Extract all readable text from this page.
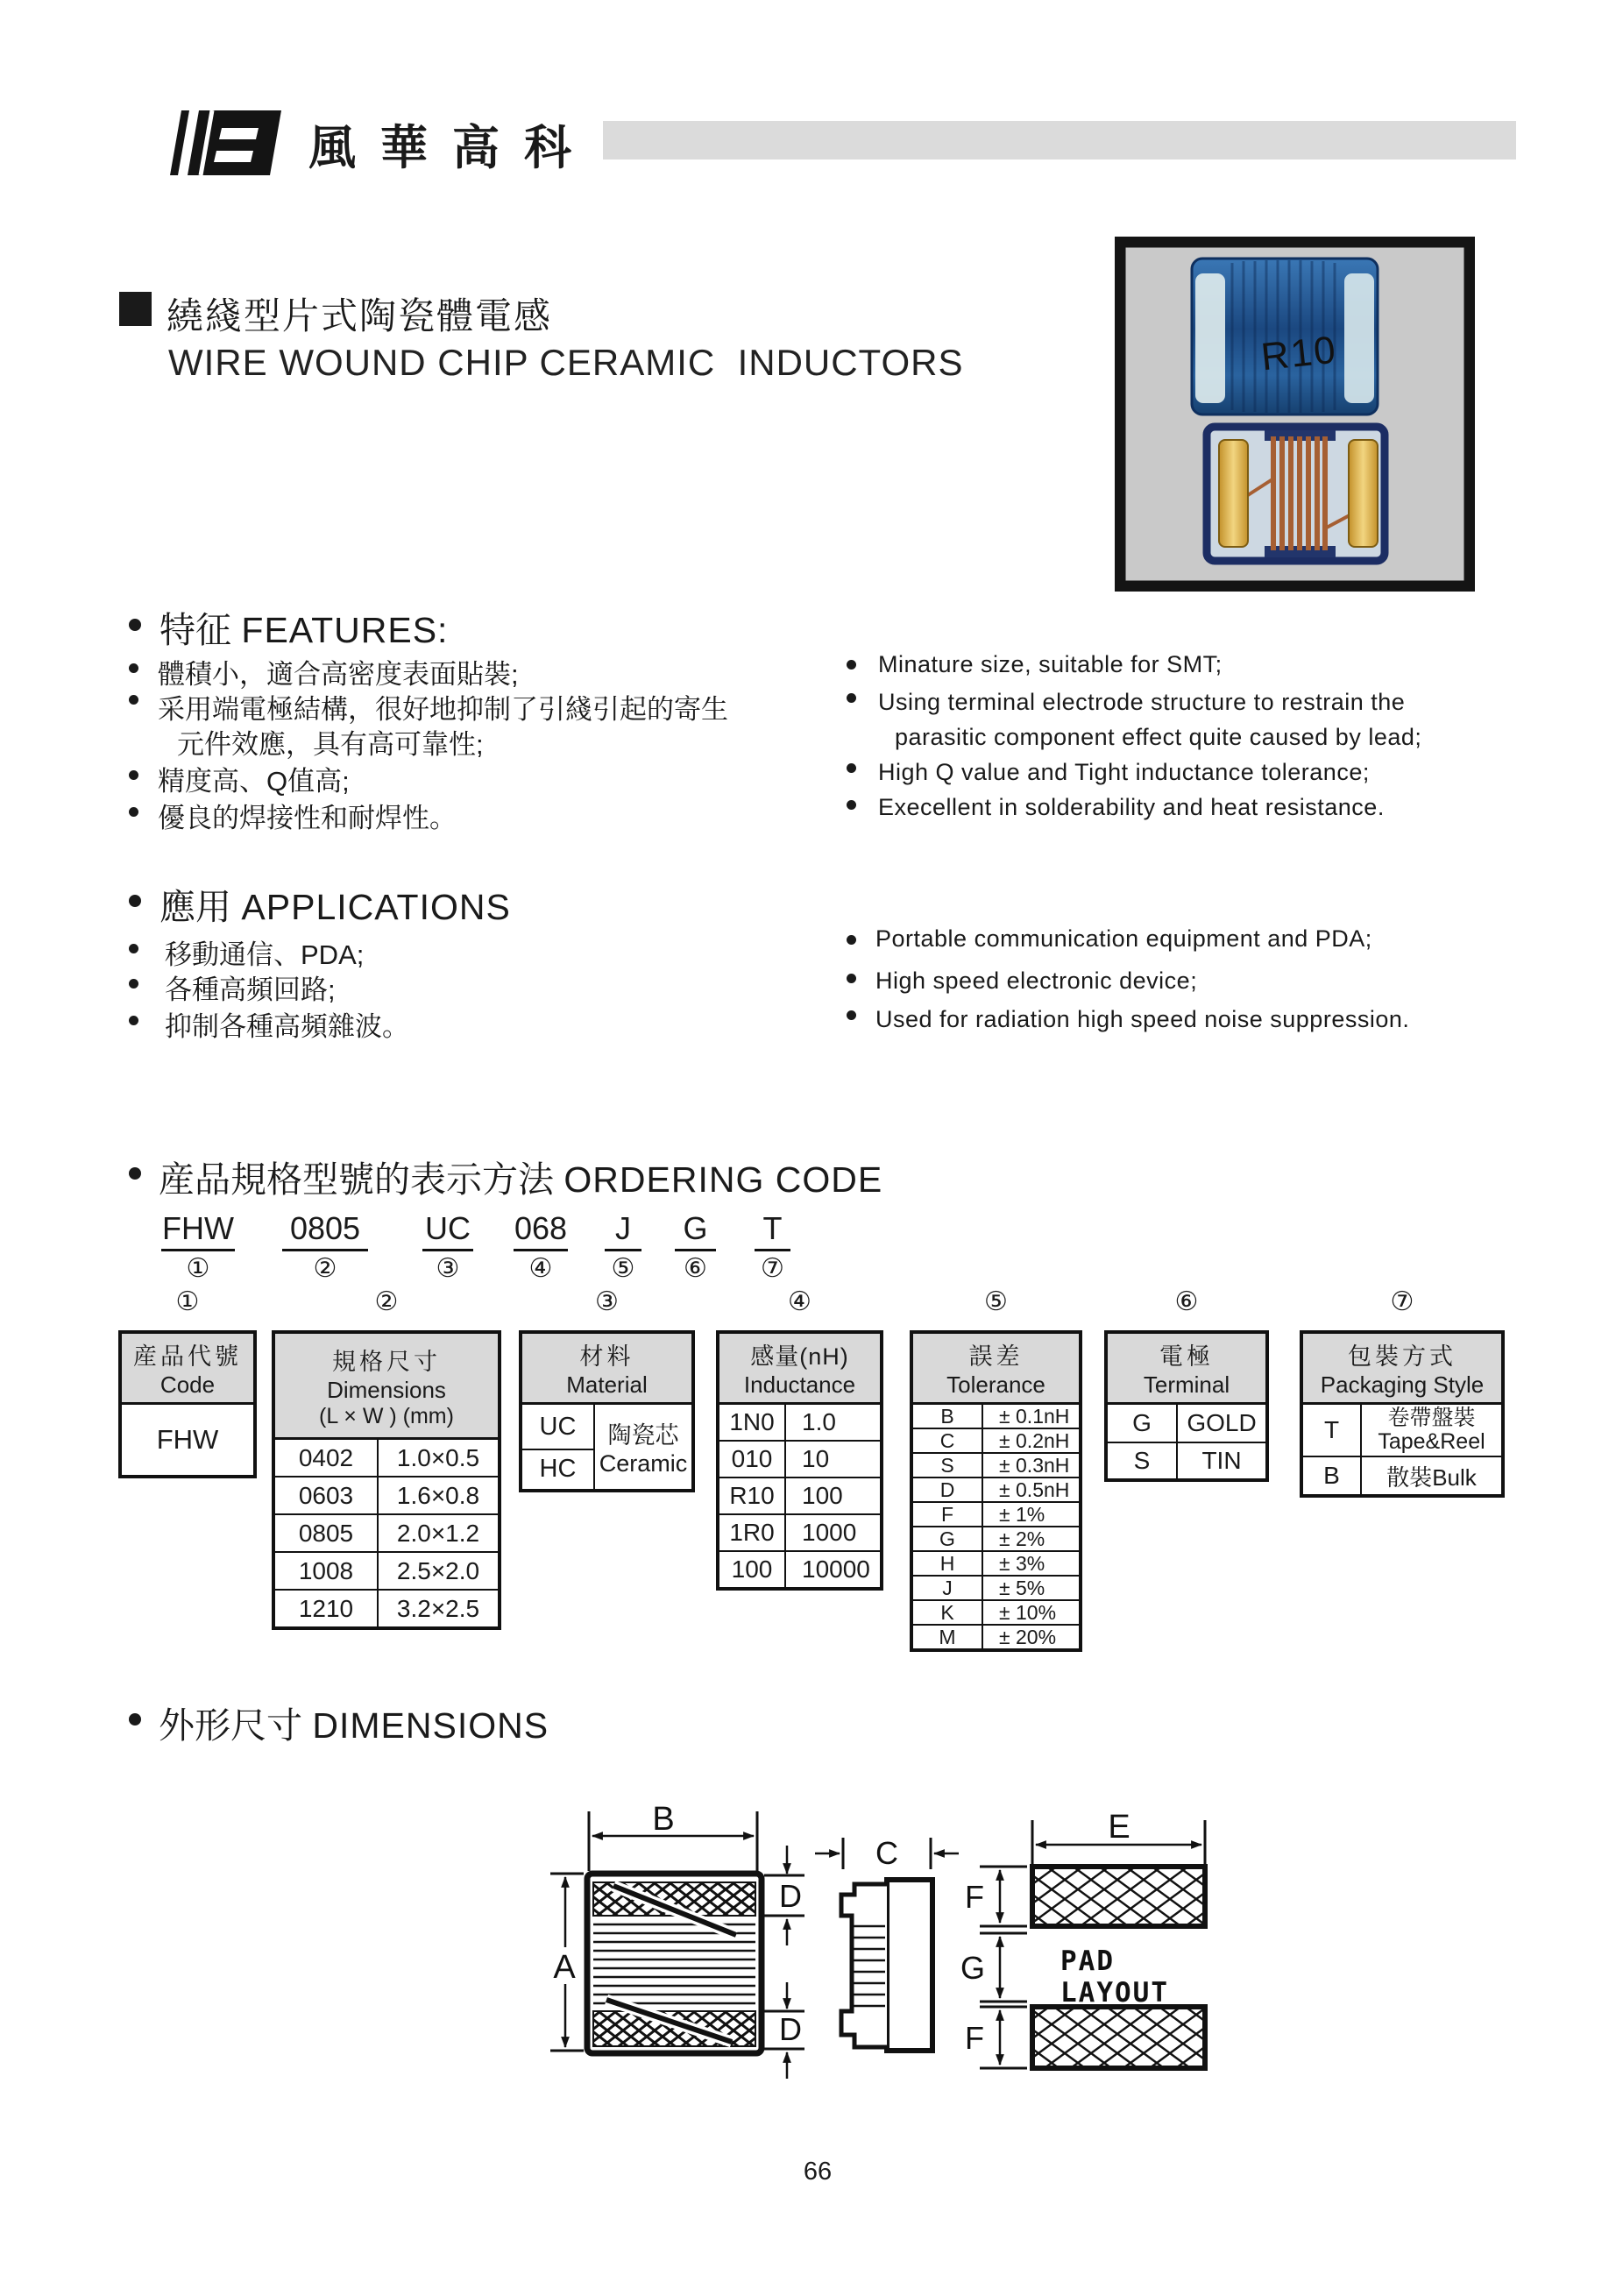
風華高科
繞綫型片式陶瓷體電感
WIRE WOUND CHIP CERAMIC  INDUCTORS	R10
特征 FEATURES:
體積小，適合高密度表面貼裝;
采用端電極結構，很好地抑制了引綫引起的寄生
元件效應，具有高可靠性;
精度高、Q值高;
優良的焊接性和耐焊性。
Minature size, suitable for SMT;
Using terminal electrode structure to restrain the
parasitic component effect quite caused by lead;
High Q value and Tight inductance tolerance;
Execellent in solderability and heat resistance.
應用 APPLICATIONS
移動通信、PDA;
各種高頻回路;
抑制各種高頻雜波。
Portable communication equipment and PDA;
High speed electronic device;
Used for radiation high speed noise suppression.
産品規格型號的表示方法 ORDERING CODE
FHW 0805 UC 068	J	G T
①	②	③	④	⑤	⑥	⑦
①	②	③	④	⑤	⑥	⑦
産品代號
Code
FHW
規格尺寸
Dimensions
(L × W ) (mm)
0402	1.0×0.5
0603	1.6×0.8
0805	2.0×1.2
1008	2.5×2.0
1210	3.2×2.5
材料
Material
UC
HC
陶瓷芯
Ceramic
感量(nH)
Inductance
1N0	1.0
010	10
R10	100
1R0	1000
100	10000
誤差
Tolerance
B	± 0.1nH
C	± 0.2nH
S	± 0.3nH
D	± 0.5nH
F	± 1%
G	± 2%
H	± 3%
J	± 5%
K	± 10%
M	± 20%
電極
Terminal
G	GOLD
S	TIN
包裝方式
Packaging Style
T	卷帶盤裝
Tape&Reel
B	散裝Bulk
外形尺寸 DIMENSIONS
A
B
D
D
C
E
F
G
F
PAD
LAYOUT
66
